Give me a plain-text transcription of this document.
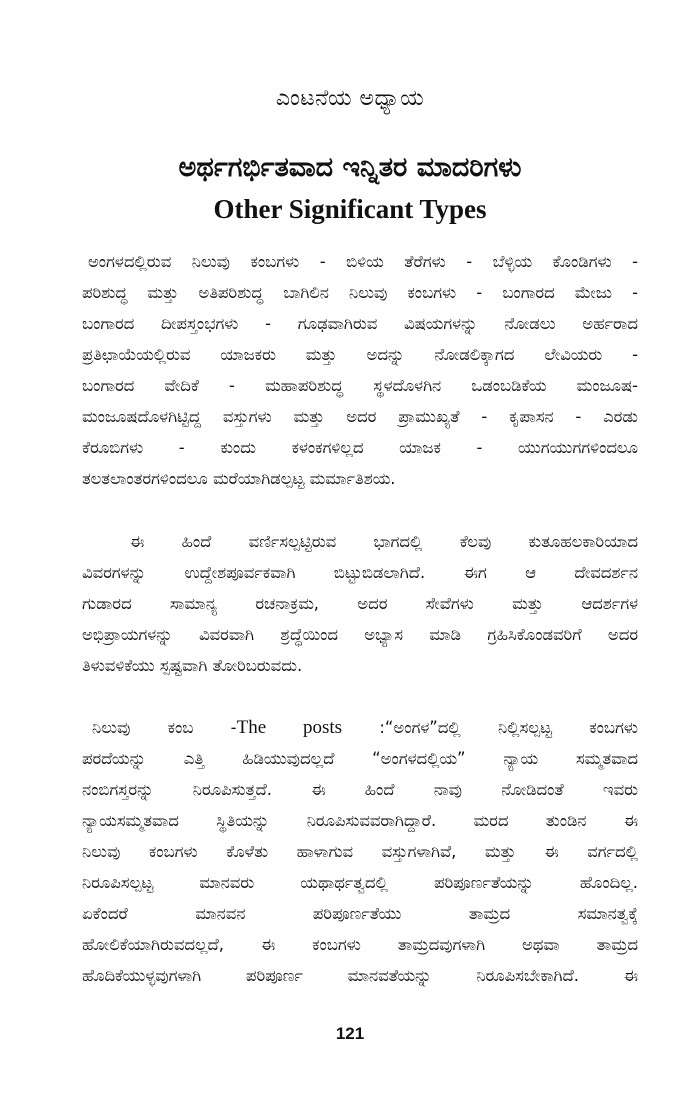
ಎಂಟನೆಯ ಅಧ್ಯಾಯ
ಅರ್ಥಗರ್ಭಿತವಾದ ಇನ್ನಿತರ ಮಾದರಿಗಳು
Other Significant Types
ಅಂಗಳದಲ್ಲಿರುವ ನಿಲುವು ಕಂಬಗಳು - ಬಿಳಿಯ ತೆರೆಗಳು - ಬೆಳ್ಳಿಯ ಕೊಂಡಿಗಳು -
ಪರಿಶುದ್ಧ ಮತ್ತು ಅತಿಪರಿಶುದ್ಧ ಬಾಗಿಲಿನ ನಿಲುವು ಕಂಬಗಳು - ಬಂಗಾರದ ಮೇಜು -
ಬಂಗಾರದ ದೀಪಸ್ತಂಭಗಳು - ಗೂಢವಾಗಿರುವ ವಿಷಯಗಳನ್ನು ನೋಡಲು ಅರ್ಹರಾದ
ಪ್ರತಿಛಾಯೆಯಲ್ಲಿರುವ ಯಾಜಕರು ಮತ್ತು ಅದನ್ನು ನೋಡಲಿಕ್ಕಾಗದ ಲೇವಿಯರು -
ಬಂಗಾರದ ವೇದಿಕೆ - ಮಹಾಪರಿಶುದ್ಧ ಸ್ಥಳದೊಳಗಿನ ಒಡಂಬಡಿಕೆಯ ಮಂಜೂಷ-
ಮಂಜೂಷದೊಳಗಿಟ್ಟಿದ್ದ ವಸ್ತುಗಳು ಮತ್ತು ಅದರ ಪ್ರಾಮುಖ್ಯತೆ - ಕೃಪಾಸನ - ಎರಡು
ಕೆರೂಬಿಗಳು - ಕುಂದು ಕಳಂಕಗಳಿಲ್ಲದ ಯಾಜಕ - ಯುಗಯುಗಗಳಿಂದಲೂ
ತಲತಲಾಂತರಗಳಿಂದಲೂ ಮರೆಯಾಗಿಡಲ್ಪಟ್ಟ ಮರ್ಮಾತಿಶಯ.
ಈ ಹಿಂದೆ ವರ್ಣಿಸಲ್ಪಟ್ಟಿರುವ ಭಾಗದಲ್ಲಿ ಕೆಲವು ಕುತೂಹಲಕಾರಿಯಾದ
ವಿವರಗಳನ್ನು ಉದ್ದೇಶಪೂರ್ವಕವಾಗಿ ಬಿಟ್ಟುಬಿಡಲಾಗಿದೆ. ಈಗ ಆ ದೇವದರ್ಶನ
ಗುಡಾರದ ಸಾಮಾನ್ಯ ರಚನಾಕ್ರಮ, ಅದರ ಸೇವೆಗಳು ಮತ್ತು ಆದರ್ಶಗಳ
ಅಭಿಪ್ರಾಯಗಳನ್ನು ವಿವರವಾಗಿ ಶ್ರದ್ಧೆಯಿಂದ ಅಭ್ಯಾಸ ಮಾಡಿ ಗ್ರಹಿಸಿಕೊಂಡವರಿಗೆ ಅದರ
ತಿಳುವಳಿಕೆಯು ಸ್ಪಷ್ಟವಾಗಿ ತೋರಿಬರುವದು.
ನಿಲುವು ಕಂಬ -The posts :“ಅಂಗಳ”ದಲ್ಲಿ ನಿಲ್ಲಿಸಲ್ಪಟ್ಟ ಕಂಬಗಳು
ಪರದೆಯನ್ನು ಎತ್ತಿ ಹಿಡಿಯುವುದಲ್ಲದೆ “ಅಂಗಳದಲ್ಲಿಯ” ನ್ಯಾಯ ಸಮ್ಮತವಾದ
ನಂಬಿಗಸ್ತರನ್ನು ನಿರೂಪಿಸುತ್ತದೆ. ಈ ಹಿಂದೆ ನಾವು ನೋಡಿದಂತೆ ಇವರು
ನ್ಯಾಯಸಮ್ಮತವಾದ ಸ್ಥಿತಿಯನ್ನು ನಿರೂಪಿಸುವವರಾಗಿದ್ದಾರೆ. ಮರದ ತುಂಡಿನ ಈ
ನಿಲುವು ಕಂಬಗಳು ಕೊಳೆತು ಹಾಳಾಗುವ ವಸ್ತುಗಳಾಗಿವೆ, ಮತ್ತು ಈ ವರ್ಗದಲ್ಲಿ
ನಿರೂಪಿಸಲ್ಪಟ್ಟ ಮಾನವರು ಯಥಾರ್ಥತ್ವದಲ್ಲಿ ಪರಿಪೂರ್ಣತೆಯನ್ನು ಹೊಂದಿಲ್ಲ.
ಏಕೆಂದರೆ ಮಾನವನ ಪರಿಪೂರ್ಣತೆಯು ತಾಮ್ರದ ಸಮಾನತ್ವಕ್ಕೆ
ಹೋಲಿಕೆಯಾಗಿರುವದಲ್ಲದೆ, ಈ ಕಂಬಗಳು ತಾಮ್ರದವುಗಳಾಗಿ ಅಥವಾ ತಾಮ್ರದ
ಹೊದಿಕೆಯುಳ್ಳವುಗಳಾಗಿ ಪರಿಪೂರ್ಣ ಮಾನವತೆಯನ್ನು ನಿರೂಪಿಸಬೇಕಾಗಿದೆ. ಈ
121
